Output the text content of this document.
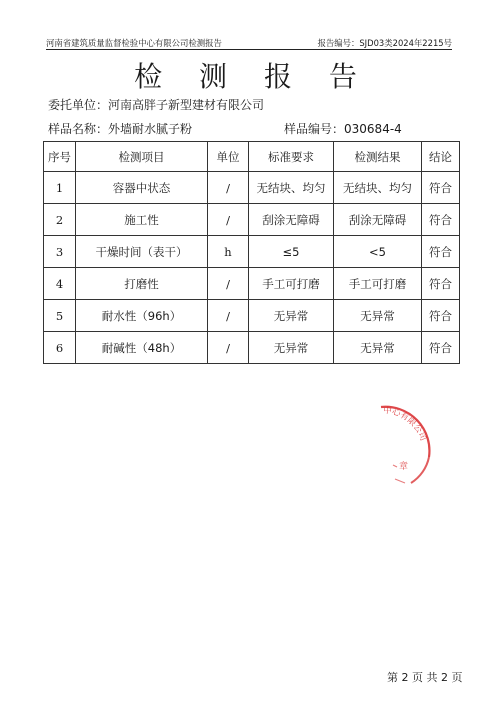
河南省建筑质量监督检验中心有限公司检测报告	报告编号：SJD03类2024年2215号
检 测 报 告
委托单位：河南高胖子新型建材有限公司
样品名称：外墙耐水腻子粉	样品编号：030684-4
序号	检测项目	单位	标准要求	检测结果	结论
1	容器中状态	/	无结块、均匀	无结块、均匀	符合
2	施工性	/	刮涂无障碍	刮涂无障碍	符合
3	干燥时间（表干）	h	≤5	<5	符合
4	打磨性	/	手工可打磨	手工可打磨	符合
5	耐水性（96h）	/	无异常	无异常	符合
6	耐碱性（48h）	/	无异常	无异常	符合
中心有限公司
章
第 2 页 共 2 页
